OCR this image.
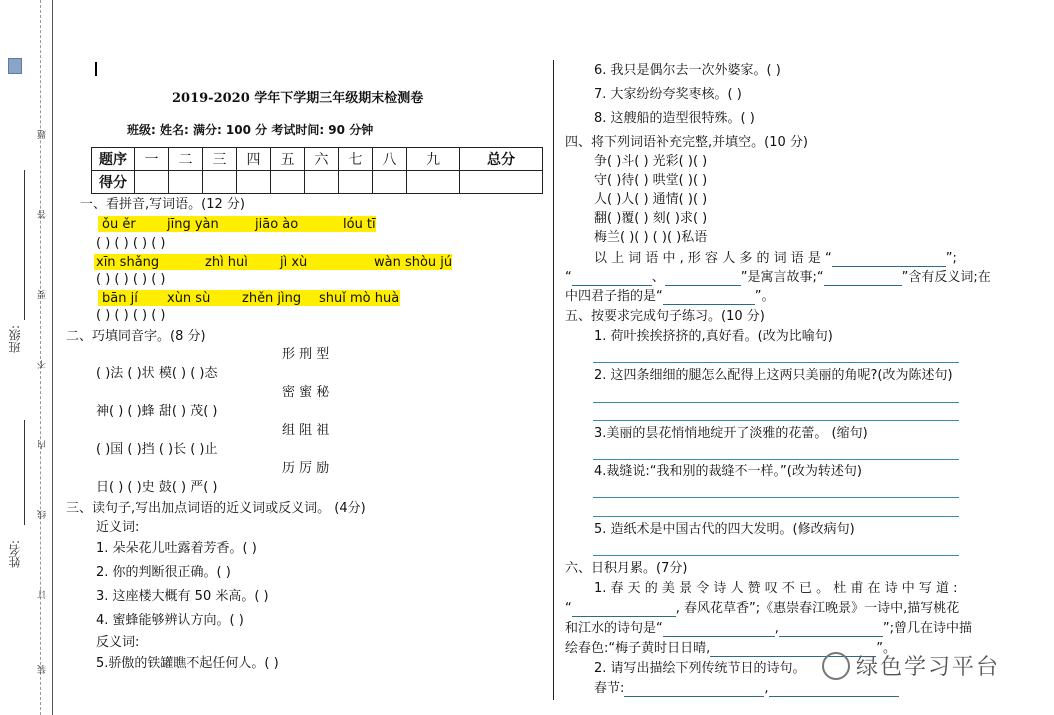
班级:
姓名:
题
答
要
不
内
线
订
装
2019-2020 学年下学期三年级期末检测卷
班级: 姓名: 满分: 100 分 考试时间: 90 分钟
题序	一	二	三	四	五	六	七	八	九	总分
得分										
一、看拼音,写词语。(12 分)
ǒu ěr jīng yàn	jiāo ào	lóu tī
( ) ( ) ( ) ( )
xīn shǎng	zhì huì jì xù	wàn shòu jú
( ) ( ) ( ) ( )
bān jí xùn sù zhěn jìng shuǐ mò huà
( ) ( ) ( ) ( )
二、巧填同音字。(8 分)
形 刑 型
( )法 ( )状 模( ) ( )态
密 蜜 秘
神( ) ( )蜂 甜( ) 茂( )
组 阻 祖
( )国 ( )挡 ( )长 ( )止
历 厉 励
日( ) ( )史 鼓( ) 严( )
三、读句子,写出加点词语的近义词或反义词。 (4分)
近义词:
1. 朵朵花儿吐露着芳香。( )
2. 你的判断很正确。( )
3. 这座楼大概有 50 米高。( )
4. 蜜蜂能够辨认方向。( )
反义词:
5.骄傲的铁罐瞧不起任何人。( )
6. 我只是偶尔去一次外婆家。( )
7. 大家纷纷夸奖枣核。( )
8. 这艘船的造型很特殊。( )
四、将下列词语补充完整,并填空。(10 分)
争( )斗( ) 光彩( )( )
守( )待( ) 哄堂( )( )
人( )人( ) 通情( )( )
翻( )覆( ) 刻( )求( )
梅兰( )( ) ( )( )私语
以 上 词 语 中 , 形 容 人 多 的 词 语 是 “	”;
“	、	”是寓言故事;“	”含有反义词;在
中四君子指的是“	”。
五、按要求完成句子练习。(10 分)
1. 荷叶挨挨挤挤的,真好看。(改为比喻句)
2. 这四条细细的腿怎么配得上这两只美丽的角呢?(改为陈述句)
3.美丽的昙花悄悄地绽开了淡雅的花蕾。 (缩句)
4.裁缝说:“我和别的裁缝不一样。”(改为转述句)
5. 造纸术是中国古代的四大发明。(修改病句)
六、日积月累。(7分)
1. 春 天 的 美 景 令 诗 人 赞 叹 不 已 。 杜 甫 在 诗 中 写 道 :
“	, 春风花草香”;《惠崇春江晚景》一诗中,描写桃花
和江水的诗句是“	,	”;曾几在诗中描
绘春色:“梅子黄时日日晴,	”。
2. 请写出描绘下列传统节日的诗句。
春节:	,
绿色学习平台
